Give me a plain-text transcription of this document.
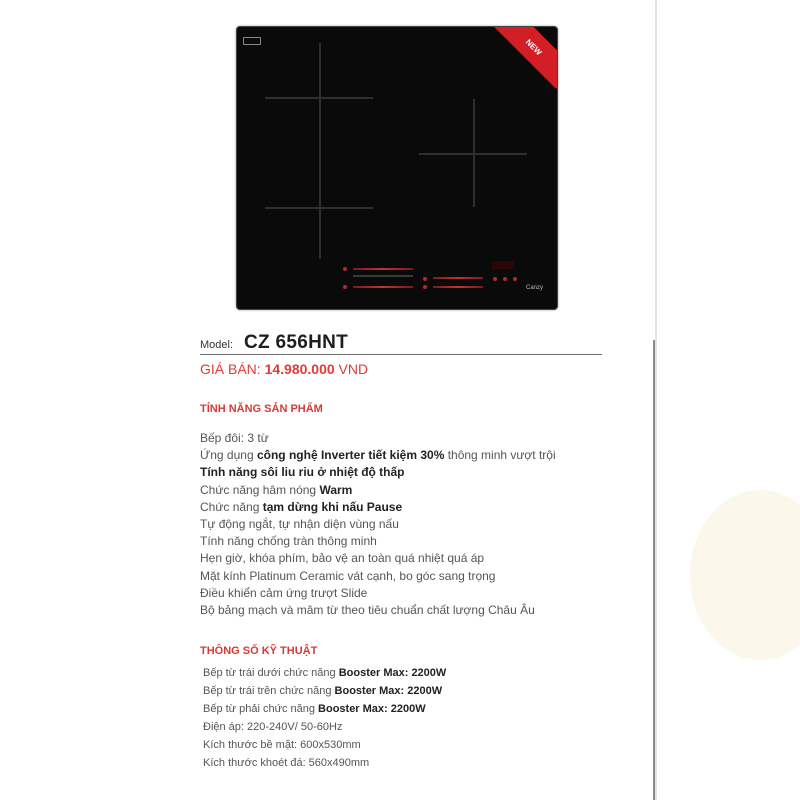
NEW
Canzy
Model: CZ 656HNT
GIÁ BÁN: 14.980.000 VND
TÍNH NĂNG SẢN PHẨM
Bếp đôi: 3 từ
Ứng dụng công nghệ Inverter tiết kiệm 30% thông minh vượt trội
Tính năng sôi liu riu ở nhiệt độ thấp
Chức năng hâm nóng Warm
Chức năng tạm dừng khi nấu Pause
Tự động ngắt, tự nhận diện vùng nấu
Tính năng chống tràn thông minh
Hẹn giờ, khóa phím, bảo vệ an toàn quá nhiệt quá áp
Mặt kính Platinum Ceramic vát cạnh, bo góc sang trọng
Điều khiển cảm ứng trượt Slide
Bộ bảng mạch và mâm từ theo tiêu chuẩn chất lượng Châu Âu
THÔNG SỐ KỸ THUẬT
Bếp từ trái dưới chức năng Booster Max: 2200W
Bếp từ trái trên chức năng Booster Max: 2200W
Bếp từ phải chức năng Booster Max: 2200W
Điện áp: 220-240V/ 50-60Hz
Kích thước bề mặt: 600x530mm
Kích thước khoét đá: 560x490mm
